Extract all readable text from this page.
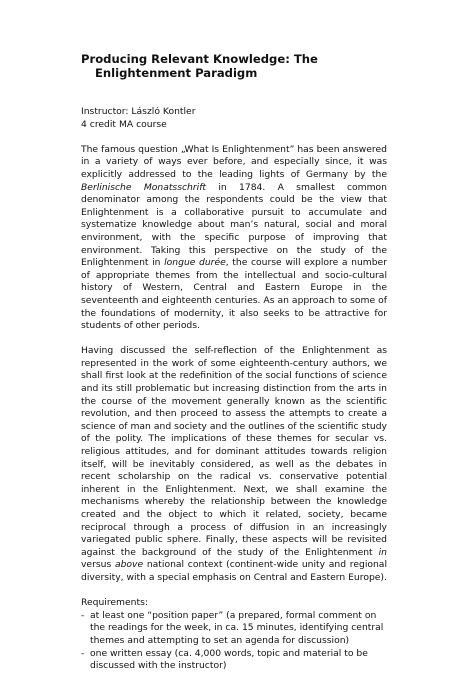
Producing Relevant Knowledge: The Enlightenment Paradigm
Instructor: László Kontler
4 credit MA course

The famous question „What Is Enlightenment” has been answered in a variety of ways ever before, and especially since, it was explicitly addressed to the leading lights of Germany by the Berlinische Monatsschrift in 1784. A smallest common denominator among the respondents could be the view that Enlightenment is a collaborative pursuit to accumulate and systematize knowledge about man’s natural, social and moral environment, with the specific purpose of improving that environment. Taking this perspective on the study of the Enlightenment in longue durée, the course will explore a number of appropriate themes from the intellectual and socio-cultural history of Western, Central and Eastern Europe in the seventeenth and eighteenth centuries. As an approach to some of the foundations of modernity, it also seeks to be attractive for students of other periods.

Having discussed the self-reflection of the Enlightenment as represented in the work of some eighteenth-century authors, we shall first look at the redefinition of the social functions of science and its still problematic but increasing distinction from the arts in the course of the movement generally known as the scientific revolution, and then proceed to assess the attempts to create a science of man and society and the outlines of the scientific study of the polity. The implications of these themes for secular vs. religious attitudes, and for dominant attitudes towards religion itself, will be inevitably considered, as well as the debates in recent scholarship on the radical vs. conservative potential inherent in the Enlightenment. Next, we shall examine the mechanisms whereby the relationship between the knowledge created and the object to which it related, society, became reciprocal through a process of diffusion in an increasingly variegated public sphere. Finally, these aspects will be revisited against the background of the study of the Enlightenment in versus above national context (continent-wide unity and regional diversity, with a special emphasis on Central and Eastern Europe).

Requirements:
- at least one “position paper” (a prepared, formal comment on the readings for the week, in ca. 15 minutes, identifying central themes and attempting to set an agenda for discussion)
- one written essay (ca. 4,000 words, topic and material to be discussed with the instructor)
